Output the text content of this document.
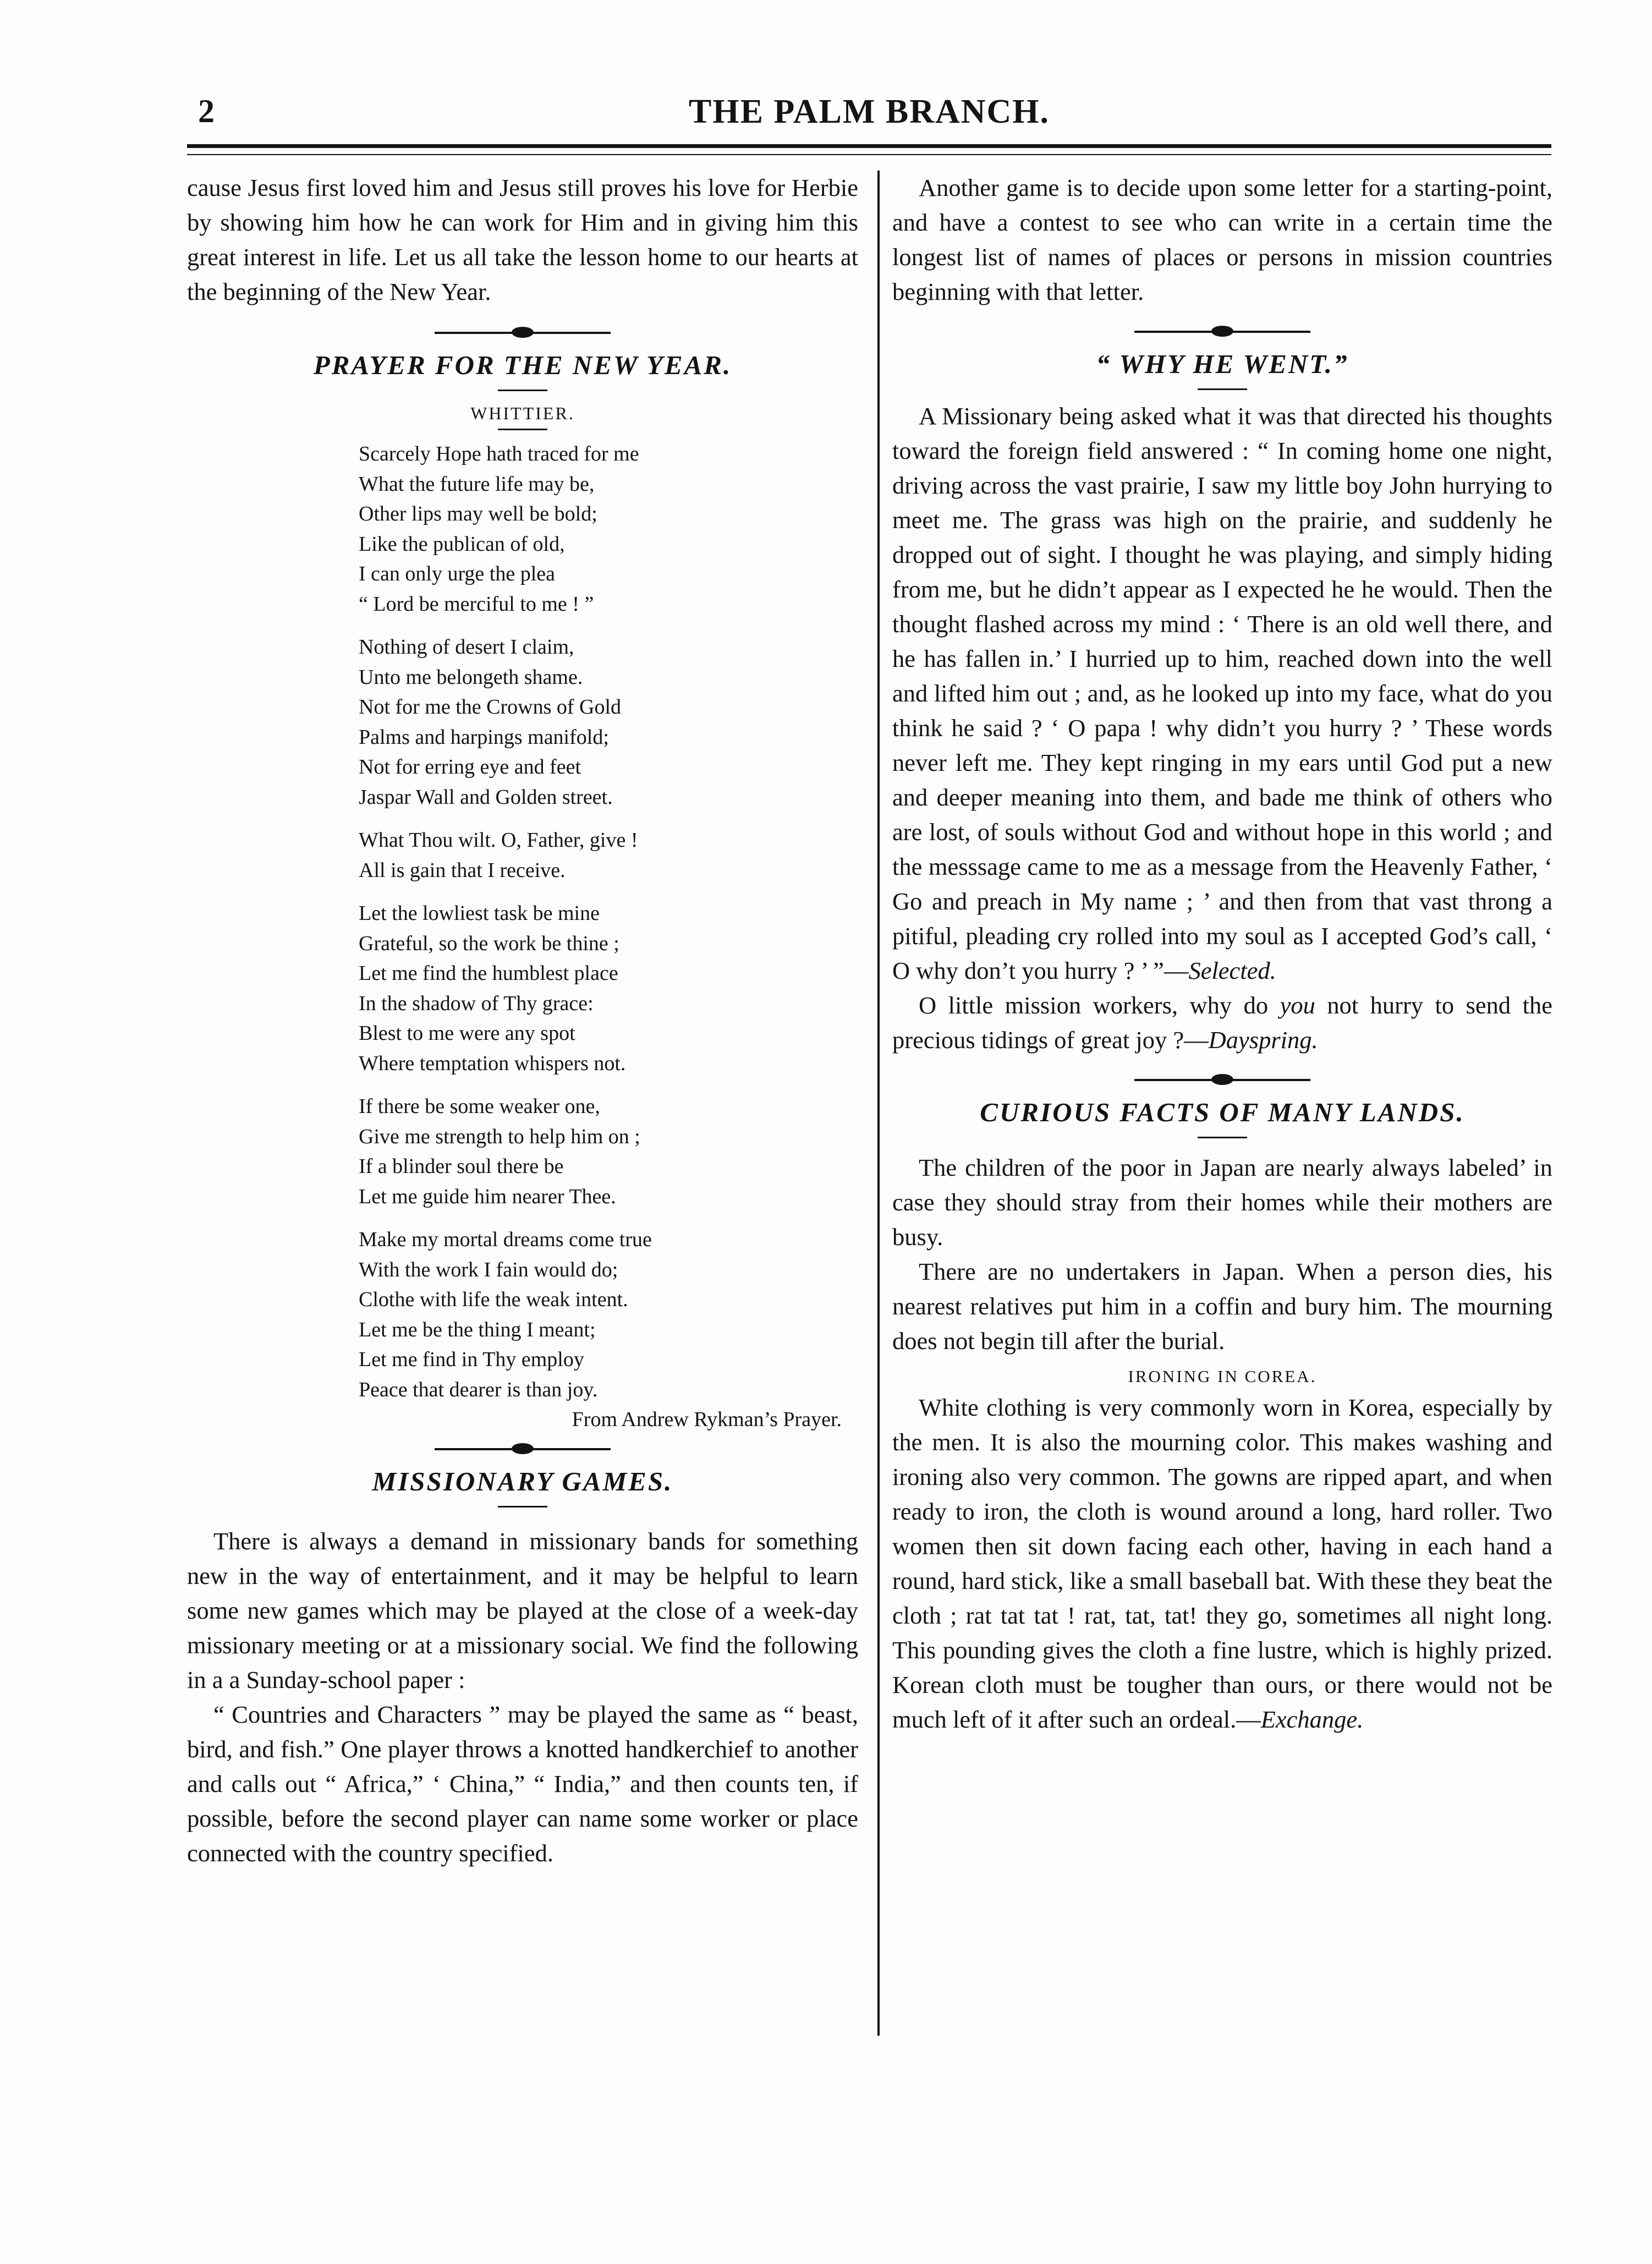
2	THE PALM BRANCH.

cause Jesus first loved him and Jesus still proves his love for Herbie by showing him how he can work for Him and in giving him this great interest in life. Let us all take the lesson home to our hearts at the beginning of the New Year.

PRAYER FOR THE NEW YEAR.
WHITTIER.
Scarcely Hope hath traced for me
What the future life may be,
Other lips may well be bold;
Like the publican of old,
I can only urge the plea
“ Lord be merciful to me ! ”
Nothing of desert I claim,
Unto me belongeth shame.
Not for me the Crowns of Gold
Palms and harpings manifold;
Not for erring eye and feet
Jaspar Wall and Golden street.
What Thou wilt. O, Father, give !
All is gain that I receive.
Let the lowliest task be mine
Grateful, so the work be thine ;
Let me find the humblest place
In the shadow of Thy grace:
Blest to me were any spot
Where temptation whispers not.
If there be some weaker one,
Give me strength to help him on ;
If a blinder soul there be
Let me guide him nearer Thee.
Make my mortal dreams come true
With the work I fain would do;
Clothe with life the weak intent.
Let me be the thing I meant;
Let me find in Thy employ
Peace that dearer is than joy.
From Andrew Rykman’s Prayer.
MISSIONARY GAMES.

There is always a demand in missionary bands for something new in the way of entertainment, and it may be helpful to learn some new games which may be played at the close of a week-day missionary meeting or at a missionary social. We find the following in a a Sunday-school paper :

“ Countries and Characters ” may be played the same as “ beast, bird, and fish.” One player throws a knotted handkerchief to another and calls out “ Africa,” ‘ China,” “ India,” and then counts ten, if possible, before the second player can name some worker or place connected with the country specified.

Another game is to decide upon some letter for a starting-point, and have a contest to see who can write in a certain time the longest list of names of places or persons in mission countries beginning with that letter.

“ WHY HE WENT.”

A Missionary being asked what it was that directed his thoughts toward the foreign field answered : “ In coming home one night, driving across the vast prairie, I saw my little boy John hurrying to meet me. The grass was high on the prairie, and suddenly he dropped out of sight. I thought he was playing, and simply hiding from me, but he didn’t appear as I expected he he would. Then the thought flashed across my mind : ‘ There is an old well there, and he has fallen in.’ I hurried up to him, reached down into the well and lifted him out ; and, as he looked up into my face, what do you think he said ? ‘ O papa ! why didn’t you hurry ? ’ These words never left me. They kept ringing in my ears until God put a new and deeper meaning into them, and bade me think of others who are lost, of souls without God and without hope in this world ; and the messsage came to me as a message from the Heavenly Father, ‘ Go and preach in My name ; ’ and then from that vast throng a pitiful, pleading cry rolled into my soul as I accepted God’s call, ‘ O why don’t you hurry ? ’ ”—Selected.

O little mission workers, why do you not hurry to send the precious tidings of great joy ?—Dayspring.

CURIOUS FACTS OF MANY LANDS.

The children of the poor in Japan are nearly always labeled’ in case they should stray from their homes while their mothers are busy.

There are no undertakers in Japan. When a person dies, his nearest relatives put him in a coffin and bury him. The mourning does not begin till after the burial.

IRONING IN COREA.

White clothing is very commonly worn in Korea, especially by the men. It is also the mourning color. This makes washing and ironing also very common. The gowns are ripped apart, and when ready to iron, the cloth is wound around a long, hard roller. Two women then sit down facing each other, having in each hand a round, hard stick, like a small baseball bat. With these they beat the cloth ; rat tat tat ! rat, tat, tat! they go, sometimes all night long. This pounding gives the cloth a fine lustre, which is highly prized. Korean cloth must be tougher than ours, or there would not be much left of it after such an ordeal.—Exchange.
